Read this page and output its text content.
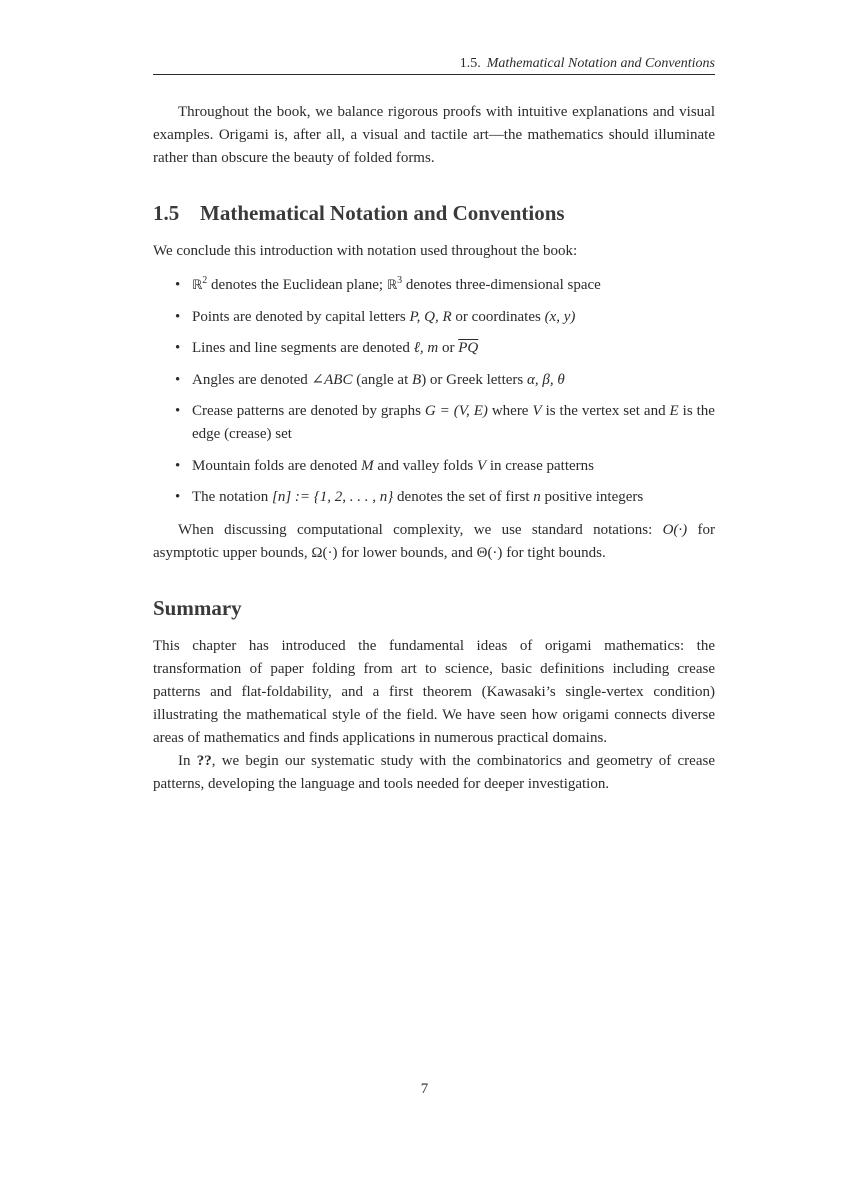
1.5. Mathematical Notation and Conventions

Throughout the book, we balance rigorous proofs with intuitive explanations and visual examples. Origami is, after all, a visual and tactile art—the mathematics should illuminate rather than obscure the beauty of folded forms.

1.5 Mathematical Notation and Conventions

We conclude this introduction with notation used throughout the book:

• ℝ$^2$ denotes the Euclidean plane; ℝ$^3$ denotes three-dimensional space
• Points are denoted by capital letters P, Q, R or coordinates (x, y)
• Lines and line segments are denoted ℓ, m or $\overline{PQ}$
• Angles are denoted ∠ABC (angle at B) or Greek letters α, β, θ
• Crease patterns are denoted by graphs G = (V, E) where V is the vertex set and E is the edge (crease) set
• Mountain folds are denoted M and valley folds V in crease patterns
• The notation [n] := {1, 2, . . . , n} denotes the set of first n positive integers

When discussing computational complexity, we use standard notations: O(·) for asymptotic upper bounds, Ω(·) for lower bounds, and Θ(·) for tight bounds.

Summary

This chapter has introduced the fundamental ideas of origami mathematics: the transformation of paper folding from art to science, basic definitions including crease patterns and flat-foldability, and a first theorem (Kawasaki’s single-vertex condition) illustrating the mathematical style of the field. We have seen how origami connects diverse areas of mathematics and finds applications in numerous practical domains.

In ??, we begin our systematic study with the combinatorics and geometry of crease patterns, developing the language and tools needed for deeper investigation.

7
